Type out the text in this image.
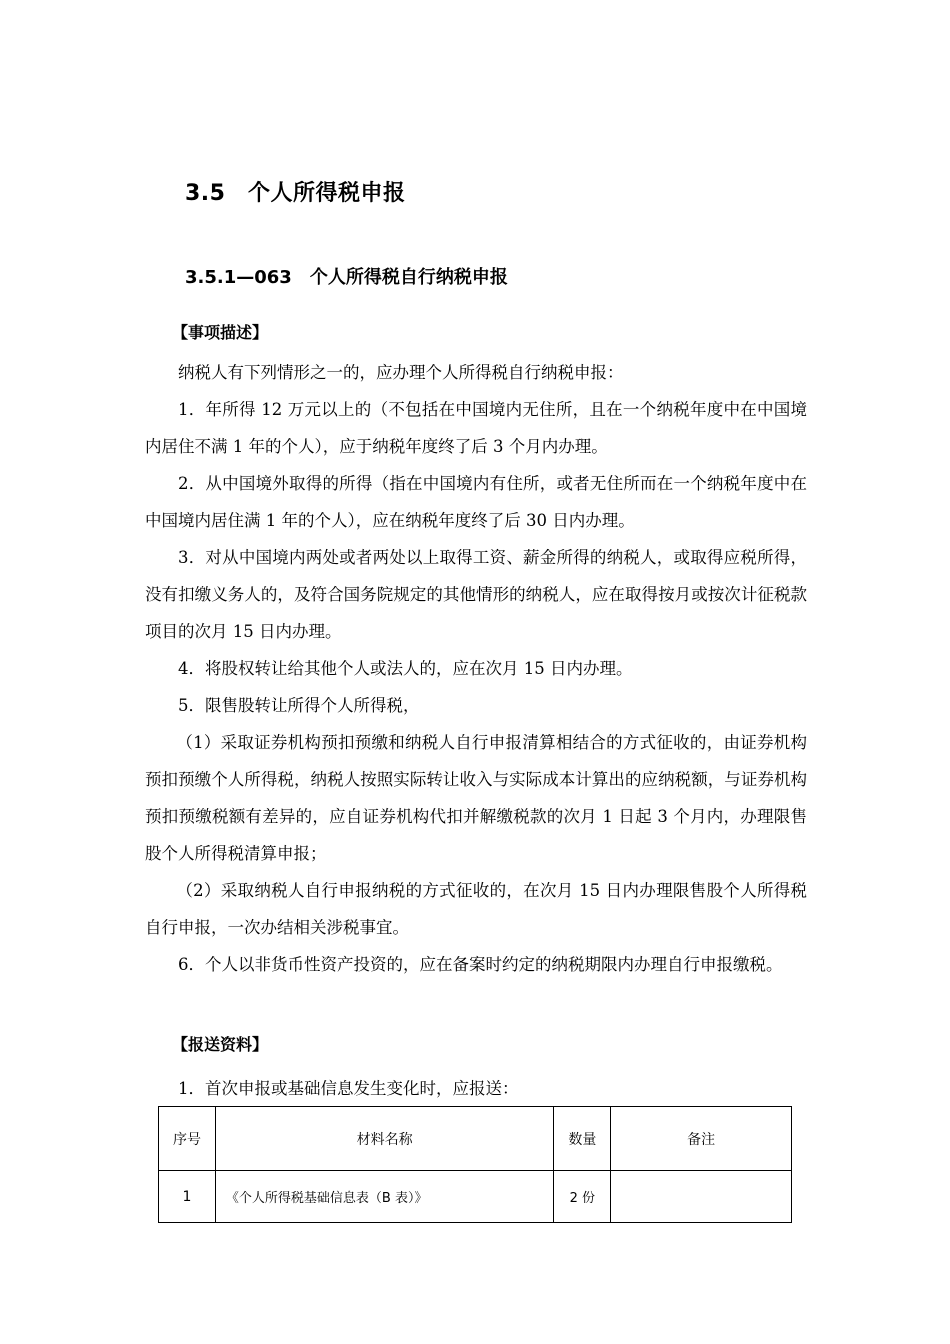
3.5　个人所得税申报
3.5.1—063　个人所得税自行纳税申报
【事项描述】

纳税人有下列情形之一的，应办理个人所得税自行纳税申报：

1．年所得 12 万元以上的（不包括在中国境内无住所，且在一个纳税年度中在中国境内居住不满 1 年的个人），应于纳税年度终了后 3 个月内办理。

2．从中国境外取得的所得（指在中国境内有住所，或者无住所而在一个纳税年度中在中国境内居住满 1 年的个人），应在纳税年度终了后 30 日内办理。

3．对从中国境内两处或者两处以上取得工资、薪金所得的纳税人，或取得应税所得，没有扣缴义务人的，及符合国务院规定的其他情形的纳税人，应在取得按月或按次计征税款项目的次月 15 日内办理。

4．将股权转让给其他个人或法人的，应在次月 15 日内办理。

5．限售股转让所得个人所得税，

（1）采取证券机构预扣预缴和纳税人自行申报清算相结合的方式征收的，由证券机构预扣预缴个人所得税，纳税人按照实际转让收入与实际成本计算出的应纳税额，与证券机构预扣预缴税额有差异的，应自证券机构代扣并解缴税款的次月 1 日起 3 个月内，办理限售股个人所得税清算申报；

（2）采取纳税人自行申报纳税的方式征收的，在次月 15 日内办理限售股个人所得税自行申报，一次办结相关涉税事宜。

6．个人以非货币性资产投资的，应在备案时约定的纳税期限内办理自行申报缴税。

【报送资料】
1．首次申报或基础信息发生变化时，应报送：
序号	材料名称	数量	备注
1	《个人所得税基础信息表（B 表）》	2 份	
